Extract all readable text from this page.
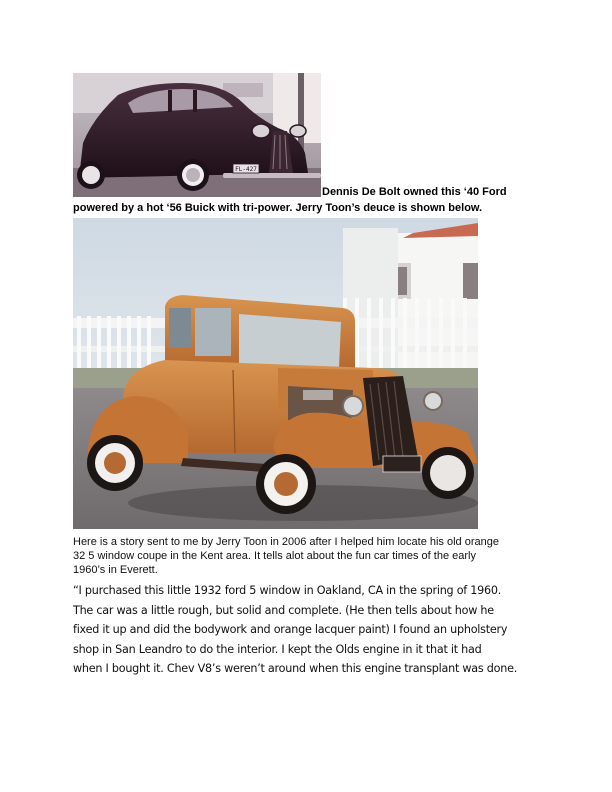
FL-427
Dennis De Bolt owned this ‘40 Ford
powered by a hot ‘56 Buick with tri-power. Jerry Toon’s deuce is shown below.
Here is a story sent to me by Jerry Toon in 2006 after I helped him locate his old orange
32 5 window coupe in the Kent area. It tells alot about the fun car times of the early
1960’s in Everett.
“I purchased this little 1932 ford 5 window in Oakland, CA in the spring of 1960.
The car was a little rough, but solid and complete. (He then tells about how he
fixed it up and did the bodywork and orange lacquer paint) I found an upholstery
shop in San Leandro to do the interior. I kept the Olds engine in it that it had
when I bought it. Chev V8’s weren’t around when this engine transplant was done.
